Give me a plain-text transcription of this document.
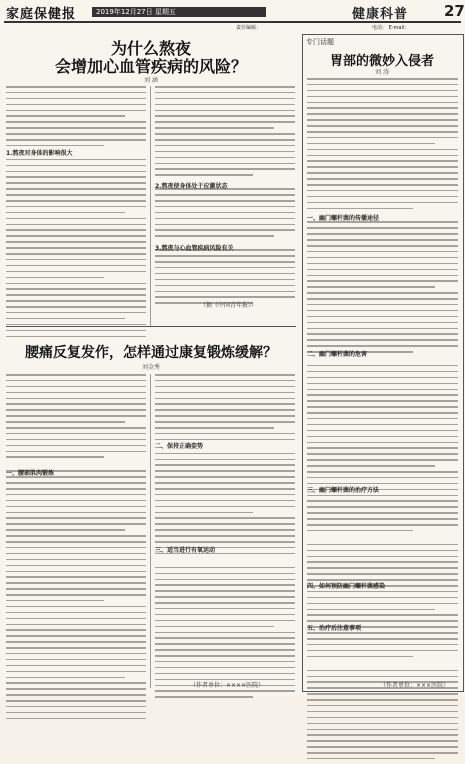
家庭保健报	2019年12月27日 星期五	健康科普 27
责任编辑：	电话： E-mail：
为什么熬夜
会增加心血管疾病的风险？
刘 涵
1.熬夜对身体的影响很大
2.熬夜使身体处于应激状态
3.熬夜与心血管疾病风险有关
（据《中国青年报》）
腰痛反复发作，怎样通过康复锻炼缓解？
刘金秀
一、腰部肌肉锻炼
二、保持正确姿势
三、适当进行有氧运动
（作者单位：××××医院）
专门话题
胃部的微妙入侵者
刘 涛
一、幽门螺杆菌的传播途径
二、幽门螺杆菌的危害
三、幽门螺杆菌的治疗方法
四、如何预防幽门螺杆菌感染
五、治疗后注意事项
（作者单位：×××医院）
